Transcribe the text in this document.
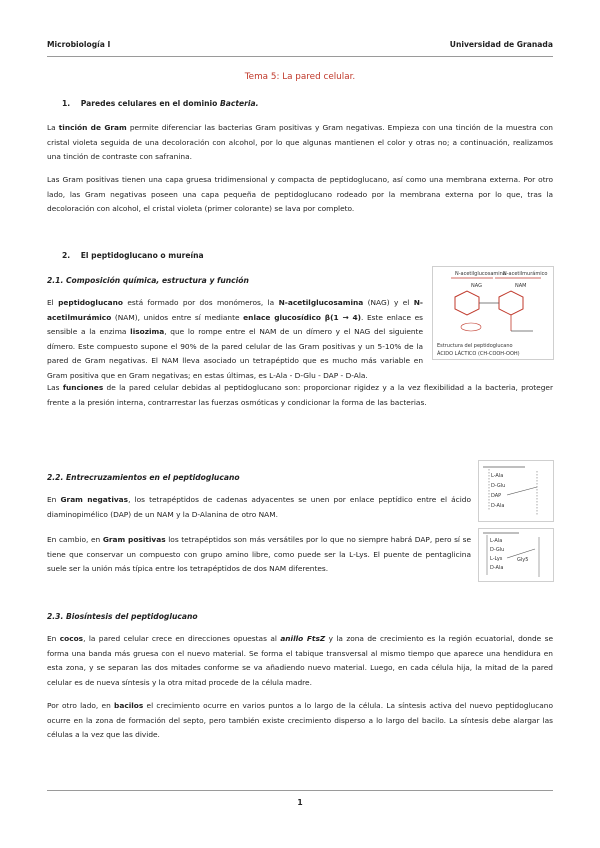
Microbiología I	Universidad de Granada
Tema 5: La pared celular.
1. Paredes celulares en el dominio Bacteria.

La tinción de Gram permite diferenciar las bacterias Gram positivas y Gram negativas. Empieza con una tinción de la muestra con cristal violeta seguida de una decoloración con alcohol, por lo que algunas mantienen el color y otras no; a continuación, realizamos una tinción de contraste con safranina.

Las Gram positivas tienen una capa gruesa tridimensional y compacta de peptidoglucano, así como una membrana externa. Por otro lado, las Gram negativas poseen una capa pequeña de peptidoglucano rodeado por la membrana externa por lo que, tras la decoloración con alcohol, el cristal violeta (primer colorante) se lava por completo.

2. El peptidoglucano o mureína
2.1. Composición química, estructura y función

El peptidoglucano está formado por dos monómeros, la N-acetilglucosamina (NAG) y el N-acetilmurámico (NAM), unidos entre sí mediante enlace glucosídico β(1 → 4). Este enlace es sensible a la enzima lisozima, que lo rompe entre el NAM de un dímero y el NAG del siguiente dímero. Este compuesto supone el 90% de la pared celular de las Gram positivas y un 5-10% de la pared de Gram negativas. El NAM lleva asociado un tetrapéptido que es mucho más variable en Gram positiva que en Gram negativas; en estas últimas, es L-Ala - D-Glu - DAP - D-Ala.

N-acetilglucosamina
N-acetilmurámico
NAG	NAM
Estructura del peptidoglucano
ÁCIDO LÁCTICO (CH-COOH-OOH)

Las funciones de la pared celular debidas al peptidoglucano son: proporcionar rigidez y a la vez flexibilidad a la bacteria, proteger frente a la presión interna, contrarrestar las fuerzas osmóticas y condicionar la forma de las bacterias.

2.2. Entrecruzamientos en el peptidoglucano

En Gram negativas, los tetrapéptidos de cadenas adyacentes se unen por enlace peptídico entre el ácido diaminopimélico (DAP) de un NAM y la D-Alanina de otro NAM.

En cambio, en Gram positivas los tetrapéptidos son más versátiles por lo que no siempre habrá DAP, pero sí se tiene que conservar un compuesto con grupo amino libre, como puede ser la L-Lys. El puente de pentaglicina suele ser la unión más típica entre los tetrapéptidos de dos NAM diferentes.

L-Ala
D-Glu
DAP
D-Ala
L-Ala
D-Glu
L-Lys
D-Ala
Gly5
2.3. Biosíntesis del peptidoglucano

En cocos, la pared celular crece en direcciones opuestas al anillo FtsZ y la zona de crecimiento es la región ecuatorial, donde se forma una banda más gruesa con el nuevo material. Se forma el tabique transversal al mismo tiempo que aparece una hendidura en esta zona, y se separan las dos mitades conforme se va añadiendo nuevo material. Luego, en cada célula hija, la mitad de la pared celular es de nueva síntesis y la otra mitad procede de la célula madre.

Por otro lado, en bacilos el crecimiento ocurre en varios puntos a lo largo de la célula. La síntesis activa del nuevo peptidoglucano ocurre en la zona de formación del septo, pero también existe crecimiento disperso a lo largo del bacilo. La síntesis debe alargar las células a la vez que las divide.

1
